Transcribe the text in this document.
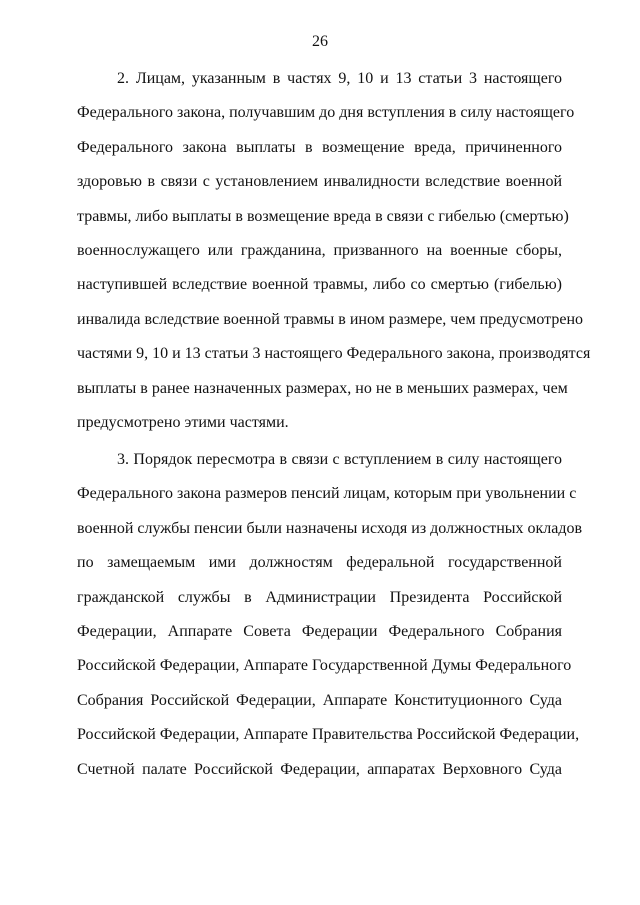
26
2. Лицам, указанным в частях 9, 10 и 13 статьи 3 настоящего
Федерального закона, получавшим до дня вступления в силу настоящего
Федерального закона выплаты в возмещение вреда, причиненного
здоровью в связи с установлением инвалидности вследствие военной
травмы, либо выплаты в возмещение вреда в связи с гибелью (смертью)
военнослужащего или гражданина, призванного на военные сборы,
наступившей вследствие военной травмы, либо со смертью (гибелью)
инвалида вследствие военной травмы в ином размере, чем предусмотрено
частями 9, 10 и 13 статьи 3 настоящего Федерального закона, производятся
выплаты в ранее назначенных размерах, но не в меньших размерах, чем
предусмотрено этими частями.
3. Порядок пересмотра в связи с вступлением в силу настоящего
Федерального закона размеров пенсий лицам, которым при увольнении с
военной службы пенсии были назначены исходя из должностных окладов
по замещаемым ими должностям федеральной государственной
гражданской службы в Администрации Президента Российской
Федерации, Аппарате Совета Федерации Федерального Собрания
Российской Федерации, Аппарате Государственной Думы Федерального
Собрания Российской Федерации, Аппарате Конституционного Суда
Российской Федерации, Аппарате Правительства Российской Федерации,
Счетной палате Российской Федерации, аппаратах Верховного Суда
